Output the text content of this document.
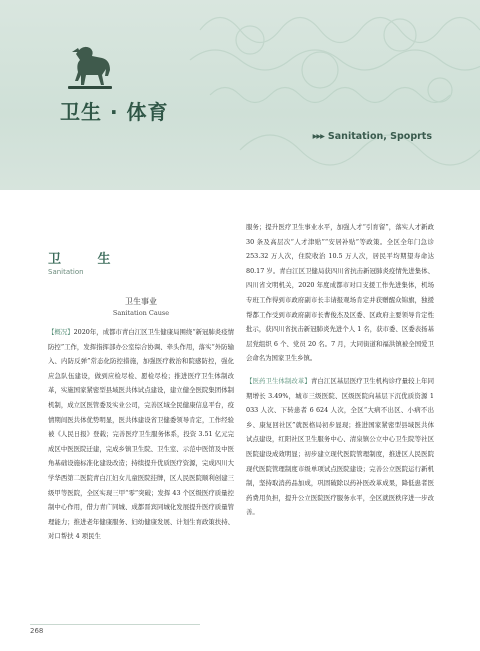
卫生 · 体育
▸▸▸ Sanitation, Spoprts
卫 生
Sanitation
卫生事业
Sanitation Cause

【概况】2020年，成都市青白江区卫生健康局围绕“新冠肺炎疫情防控”工作，发挥指挥部办公室综合协调、牵头作用，落实“外防输入、内防反弹”常态化防控措施，加强医疗救治和院感防控，强化应急队伍建设，做到应检尽检、愿检尽检；推进医疗卫生体制改革，实施国家紧密型县域医共体试点建设，建立健全医院集团体制机制，成立区医管委及实业公司，完善区域全民健康信息平台，疫情期间医共体优势明显，医共体建设省卫健委领导肯定，工作经验被《人民日报》登载；完善医疗卫生服务体系，投资 3.51 亿元完成区中医医院迁建，完成乡镇卫生院、卫生室、示范中医馆及中医角基础设施标准化建设改造；持续提升优质医疗资源，完成四川大学华西第二医院青白江妇女儿童医院挂牌，区人民医院顺利创建三级甲等医院，全区实现三甲“零”突破；发挥 43 个区级医疗质量控制中心作用，借力青广同城、成都晋宾同城化发展提升医疗质量管理能力；推进老年健康服务、妇幼健康发展、计划生育政策扶持、对口帮扶 4 项民生

服务；提升医疗卫生事业水平，加强人才“引育留”，落实人才新政 30 条及高层次“人才津贴”“安居补贴”等政策。全区全年门急诊 253.32 万人次，住院收治 10.5 万人次，居民平均期望寿命达 80.17 岁。青白江区卫健局获四川省抗击新冠肺炎疫情先进集体、四川省文明机关，2020 年度成都市对口支援工作先进集体，机场专班工作得到市政府副市长丰请报观场肯定并获赠醒众锦旗，独援帮都工作受到市政府副市长曹俊杰及区委、区政府主要领导肯定性批示，获四川省抗击新冠肺炎先进个人 1 名，获市委、区委表扬基层党组织 6 个、党员 20 名。7 月，大同街道和福洪镇被全国爱卫会命名为国家卫生乡镇。

【医药卫生体制改革】青白江区基层医疗卫生机构诊疗量较上年同期增长 3.49%，城市三级医院、区级医院向基层下沉优质资源 1 033 人次、下转患者 6 624 人次，全区“大病不出区、小病不出乡、康复回社区”就医格局初步显现；推进国家紧密型县域医共体试点建设，红阳社区卫生服务中心、清泉镇公立中心卫生院等社区医院建设成效明显；初步建立现代医院管理制度，推进区人民医院现代医院管理制度市级单项试点医院建设；完善公立医院运行新机制，坚持取消药品加成，巩固破除以药补医改革成果，降低患者医药费用负担，提升公立医院医疗服务水平，全区就医秩序进一步改善。

268
